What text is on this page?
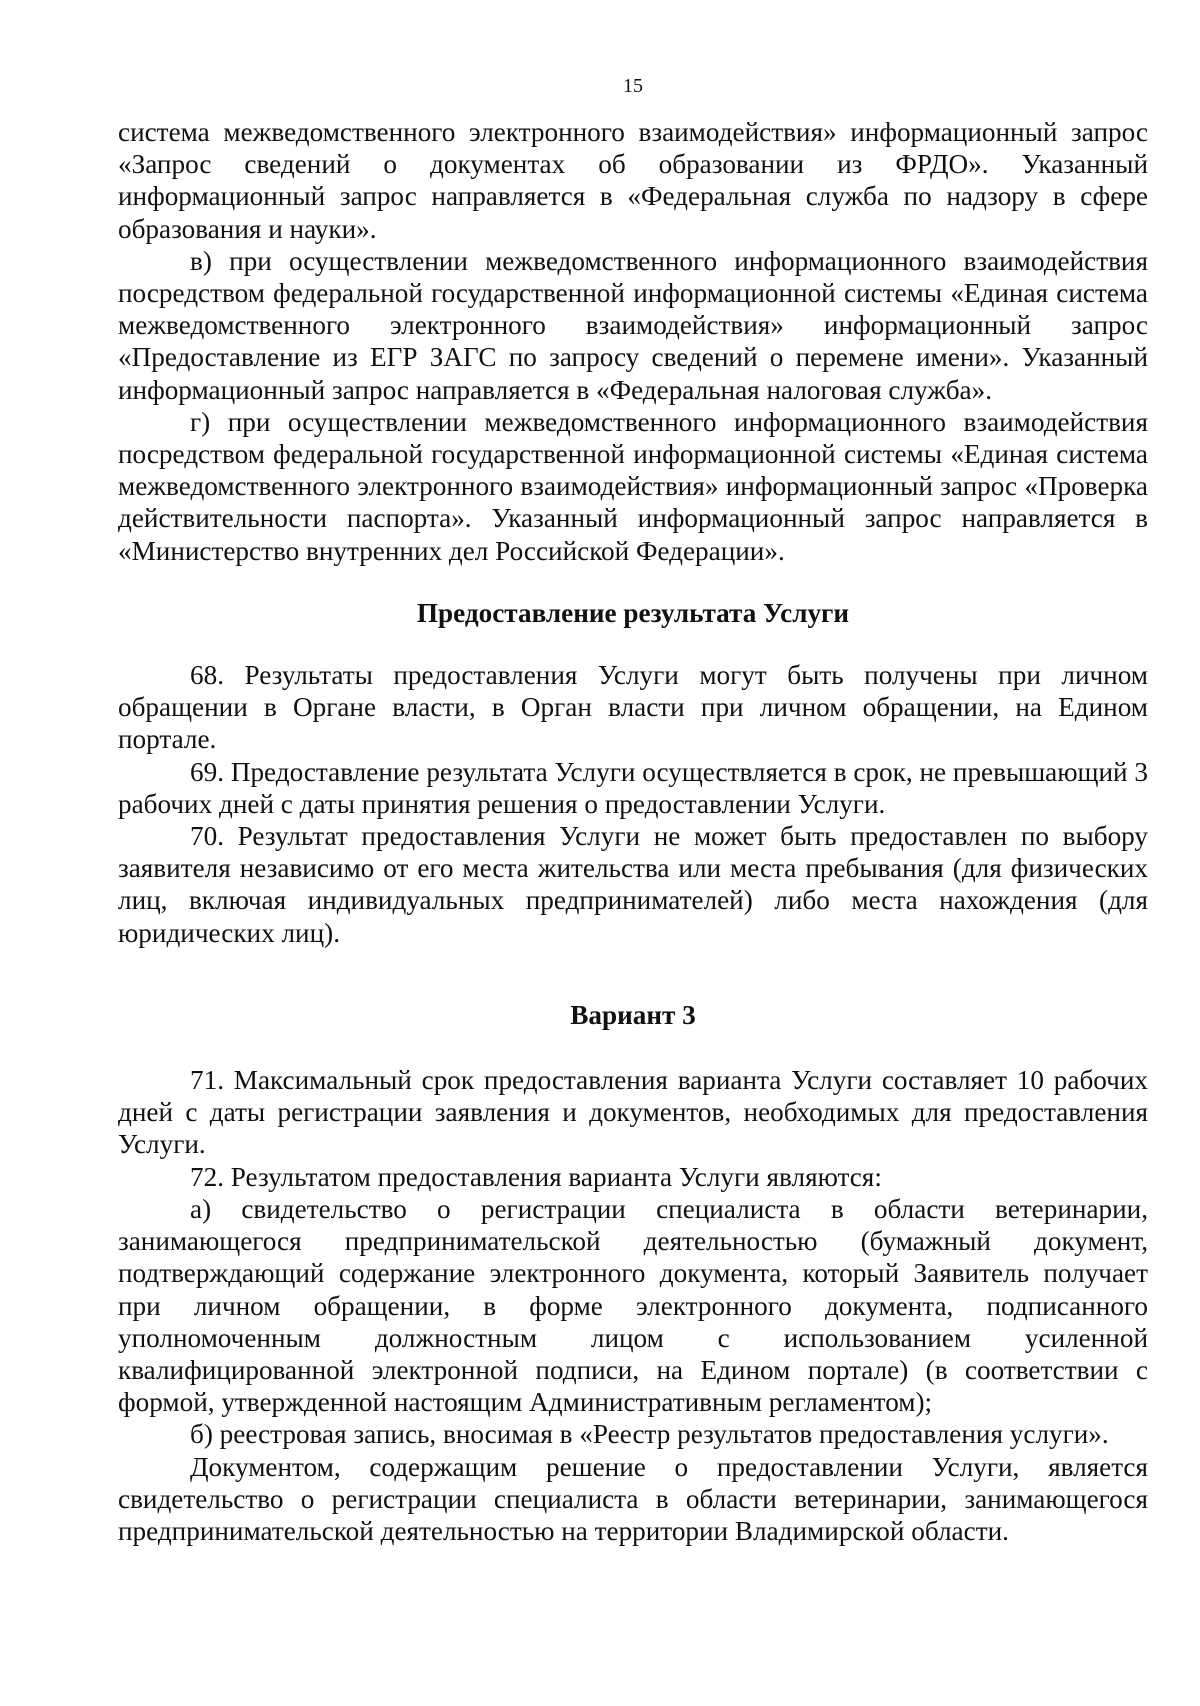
15

система межведомственного электронного взаимодействия» информационный запрос «Запрос сведений о документах об образовании из ФРДО». Указанный информационный запрос направляется в «Федеральная служба по надзору в сфере образования и науки».

в) при осуществлении межведомственного информационного взаимодействия посредством федеральной государственной информационной системы «Единая система межведомственного электронного взаимодействия» информационный запрос «Предоставление из ЕГР ЗАГС по запросу сведений о перемене имени». Указанный информационный запрос направляется в «Федеральная налоговая служба».

г) при осуществлении межведомственного информационного взаимодействия посредством федеральной государственной информационной системы «Единая система межведомственного электронного взаимодействия» информационный запрос «Проверка действительности паспорта». Указанный информационный запрос направляется в «Министерство внутренних дел Российской Федерации».

Предоставление результата Услуги

68. Результаты предоставления Услуги могут быть получены при личном обращении в Органе власти, в Орган власти при личном обращении, на Едином портале.

69. Предоставление результата Услуги осуществляется в срок, не превышающий 3 рабочих дней с даты принятия решения о предоставлении Услуги.

70. Результат предоставления Услуги не может быть предоставлен по выбору заявителя независимо от его места жительства или места пребывания (для физических лиц, включая индивидуальных предпринимателей) либо места нахождения (для юридических лиц).

Вариант 3

71. Максимальный срок предоставления варианта Услуги составляет 10 рабочих дней с даты регистрации заявления и документов, необходимых для предоставления Услуги.

72. Результатом предоставления варианта Услуги являются:

а) свидетельство о регистрации специалиста в области ветеринарии, занимающегося предпринимательской деятельностью (бумажный документ, подтверждающий содержание электронного документа, который Заявитель получает при личном обращении, в форме электронного документа, подписанного уполномоченным должностным лицом с использованием усиленной квалифицированной электронной подписи, на Едином портале) (в соответствии с формой, утвержденной настоящим Административным регламентом);

б) реестровая запись, вносимая в «Реестр результатов предоставления услуги».

Документом, содержащим решение о предоставлении Услуги, является свидетельство о регистрации специалиста в области ветеринарии, занимающегося предпринимательской деятельностью на территории Владимирской области.
